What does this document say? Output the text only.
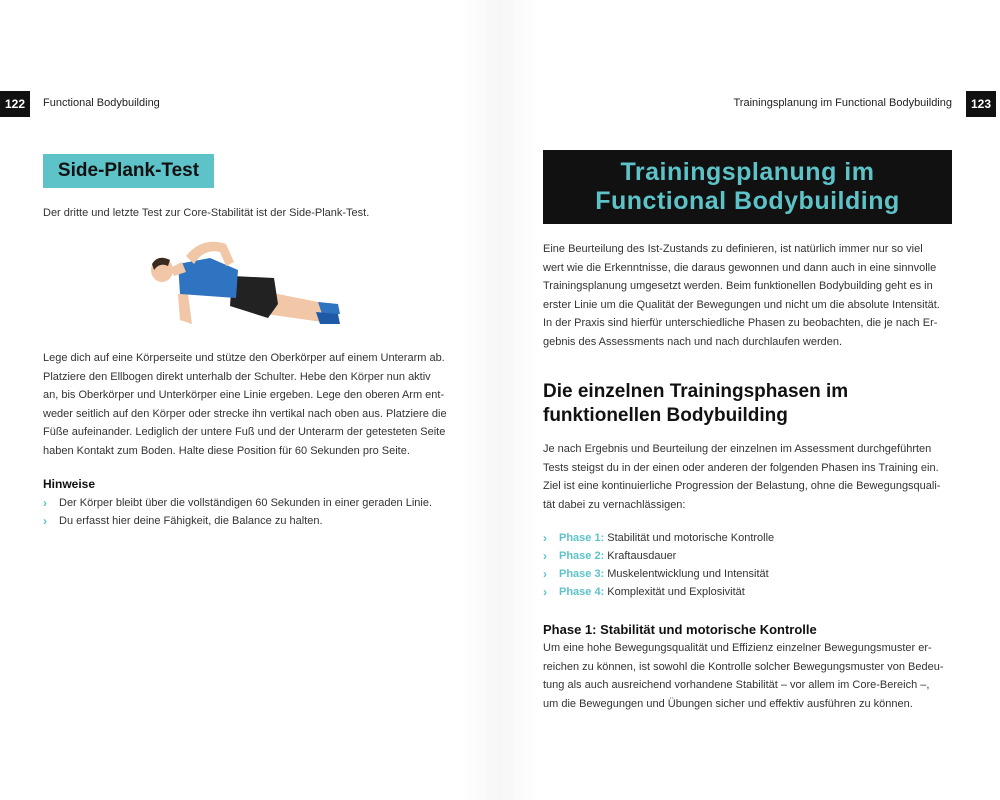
122	Functional Bodybuilding
Side-Plank-Test
Der dritte und letzte Test zur Core-Stabilität ist der Side-Plank-Test.
Lege dich auf eine Körperseite und stütze den Oberkörper auf einem Unterarm ab.
Platziere den Ellbogen direkt unterhalb der Schulter. Hebe den Körper nun aktiv
an, bis Oberkörper und Unterkörper eine Linie ergeben. Lege den oberen Arm ent-
weder seitlich auf den Körper oder strecke ihn vertikal nach oben aus. Platziere die
Füße aufeinander. Lediglich der untere Fuß und der Unterarm der getesteten Seite
haben Kontakt zum Boden. Halte diese Position für 60 Sekunden pro Seite.
Hinweise
›	Der Körper bleibt über die vollständigen 60 Sekunden in einer geraden Linie.
›	Du erfasst hier deine Fähigkeit, die Balance zu halten.
Trainingsplanung im Functional Bodybuilding	123
Trainingsplanung im
Functional Bodybuilding
Eine Beurteilung des Ist-Zustands zu definieren, ist natürlich immer nur so viel
wert wie die Erkenntnisse, die daraus gewonnen und dann auch in eine sinnvolle
Trainingsplanung umgesetzt werden. Beim funktionellen Bodybuilding geht es in
erster Linie um die Qualität der Bewegungen und nicht um die absolute Intensität.
In der Praxis sind hierfür unterschiedliche Phasen zu beobachten, die je nach Er-
gebnis des Assessments nach und nach durchlaufen werden.
Die einzelnen Trainingsphasen im
funktionellen Bodybuilding
Je nach Ergebnis und Beurteilung der einzelnen im Assessment durchgeführten
Tests steigst du in der einen oder anderen der folgenden Phasen ins Training ein.
Ziel ist eine kontinuierliche Progression der Belastung, ohne die Bewegungsquali-
tät dabei zu vernachlässigen:
›	Phase 1: Stabilität und motorische Kontrolle
›	Phase 2: Kraftausdauer
›	Phase 3: Muskelentwicklung und Intensität
›	Phase 4: Komplexität und Explosivität
Phase 1: Stabilität und motorische Kontrolle
Um eine hohe Bewegungsqualität und Effizienz einzelner Bewegungsmuster er-
reichen zu können, ist sowohl die Kontrolle solcher Bewegungsmuster von Bedeu-
tung als auch ausreichend vorhandene Stabilität – vor allem im Core-Bereich –,
um die Bewegungen und Übungen sicher und effektiv ausführen zu können.
